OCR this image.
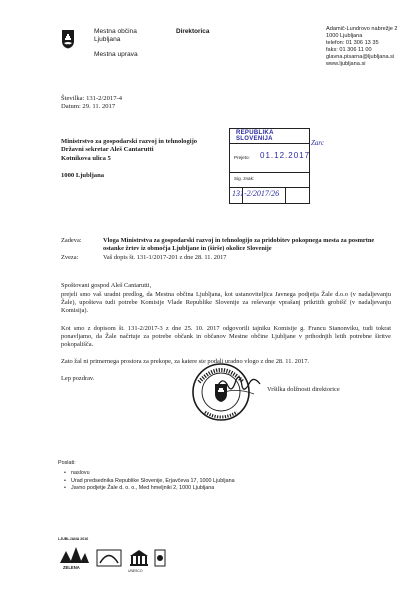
Mestna občina
Ljubljana
Mestna uprava
Direktorica	Adamič-Lundrovo nabrežje 2
1000 Ljubljana
telefon: 01 306 13 35
faks: 01 306 11 00
glavna.pisarna@ljubljana.si
www.ljubljana.si
Številka: 131-2/2017-4
Datum: 29. 11. 2017
Ministrstvo za gospodarski razvoj in tehnologijo
Državni sekretar Aleš Cantarutti
Kotnikova ulica 5
1000 Ljubljana
REPUBLIKA SLOVENIJA
Prejeto: 01.12.2017
Sig. znak:
131-2/2017/26
Zarc
Zadeva:	Vloga Ministrstva za gospodarski razvoj in tehnologijo za pridobitev pokopnega mesta za posmrtne ostanke žrtev iz območja Ljubljane in (širše) okolice Slovenije
Zveza:	Vaš dopis št. 131-1/2017-201 z dne 28. 11. 2017
Spoštovani gospod Aleš Cantarutti,
prejeli smo vaš uradni predlog, da Mestna občina Ljubljana, kot ustanoviteljica Javnega podjetja Žale d.o.o (v nadaljevanju Žale), upošteva tudi potrebe Komisije Vlade Republike Slovenije za reševanje vprašanj prikritih grobišč (v nadaljevanju Komisija).
Kot smo z dopisom št. 131-2/2017-3 z dne 25. 10. 2017 odgovorili tajniku Komisije g. Francu Stanonviku, tudi tokrat ponavljamo, da Žale načrtuje za potrebe občank in občanov Mestne občine Ljubljane v prihodnjih letih potrebne širitve pokopališča.
Zato žal ni primernega prostora za prekope, za katere ste podali uradno vlogo z dne 28. 11. 2017.
Lep pozdrav.
Vršilka dolžnosti direktorice
Poslati:
• naslovu
• Urad predsednika Republike Slovenije, Erjavčeva 17, 1000 Ljubljana
• Javno podjetje Žale d. o. o., Med hmeljniki 2, 1000 Ljubljana
LJUBLJANA 2016
ZELENA
UNESCO
